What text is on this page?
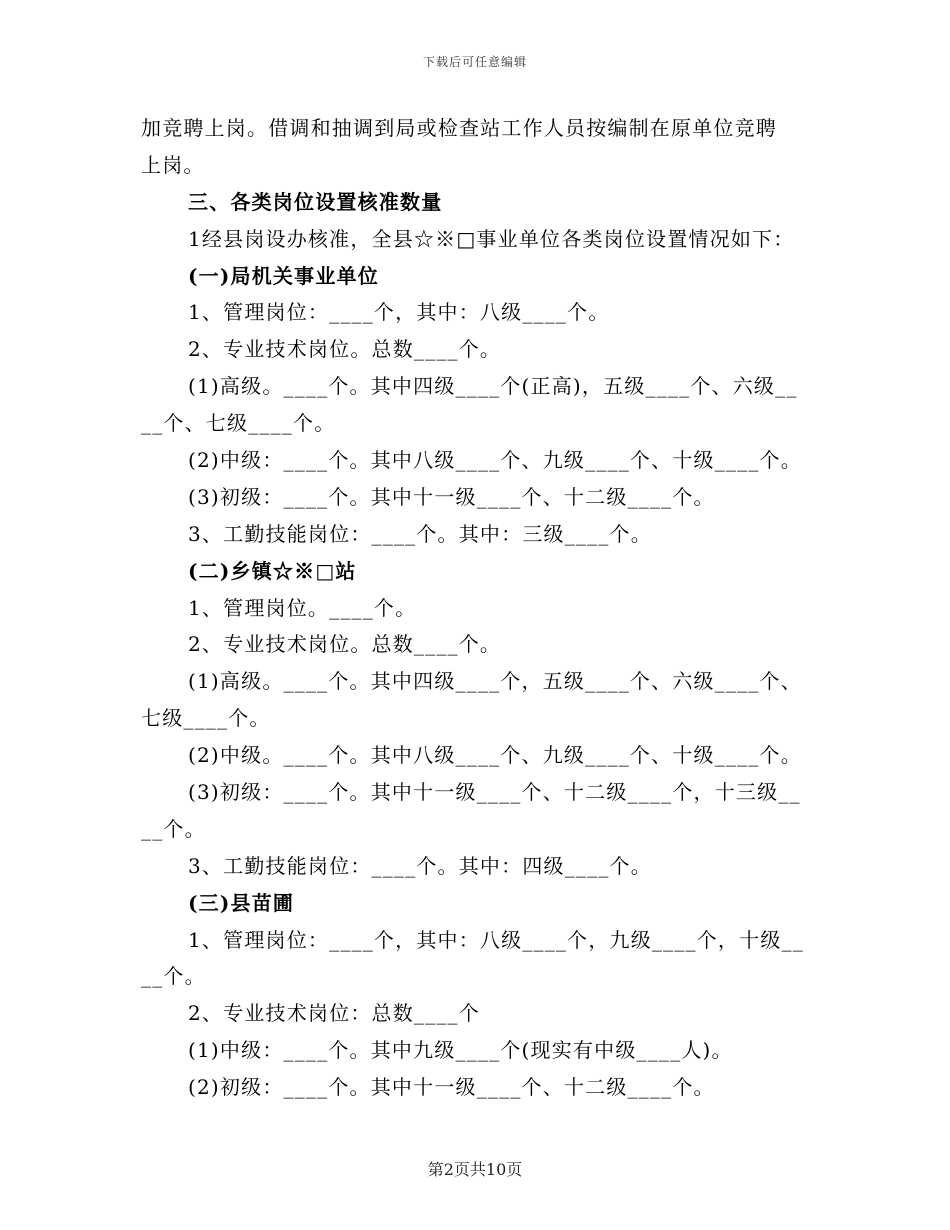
下载后可任意编辑
加竞聘上岗。借调和抽调到局或检查站工作人员按编制在原单位竞聘
上岗。
三、各类岗位设置核准数量
1经县岗设办核准，全县☆※□事业单位各类岗位设置情况如下：
(一)局机关事业单位
1、管理岗位：____个，其中：八级____个。
2、专业技术岗位。总数____个。
(1)高级。____个。其中四级____个(正高)，五级____个、六级__
__个、七级____个。
(2)中级：____个。其中八级____个、九级____个、十级____个。
(3)初级：____个。其中十一级____个、十二级____个。
3、工勤技能岗位：____个。其中：三级____个。
(二)乡镇☆※□站
1、管理岗位。____个。
2、专业技术岗位。总数____个。
(1)高级。____个。其中四级____个，五级____个、六级____个、
七级____个。
(2)中级。____个。其中八级____个、九级____个、十级____个。
(3)初级：____个。其中十一级____个、十二级____个，十三级__
__个。
3、工勤技能岗位：____个。其中：四级____个。
(三)县苗圃
1、管理岗位：____个，其中：八级____个，九级____个，十级__
__个。
2、专业技术岗位：总数____个
(1)中级：____个。其中九级____个(现实有中级____人)。
(2)初级：____个。其中十一级____个、十二级____个。
第2页共10页
